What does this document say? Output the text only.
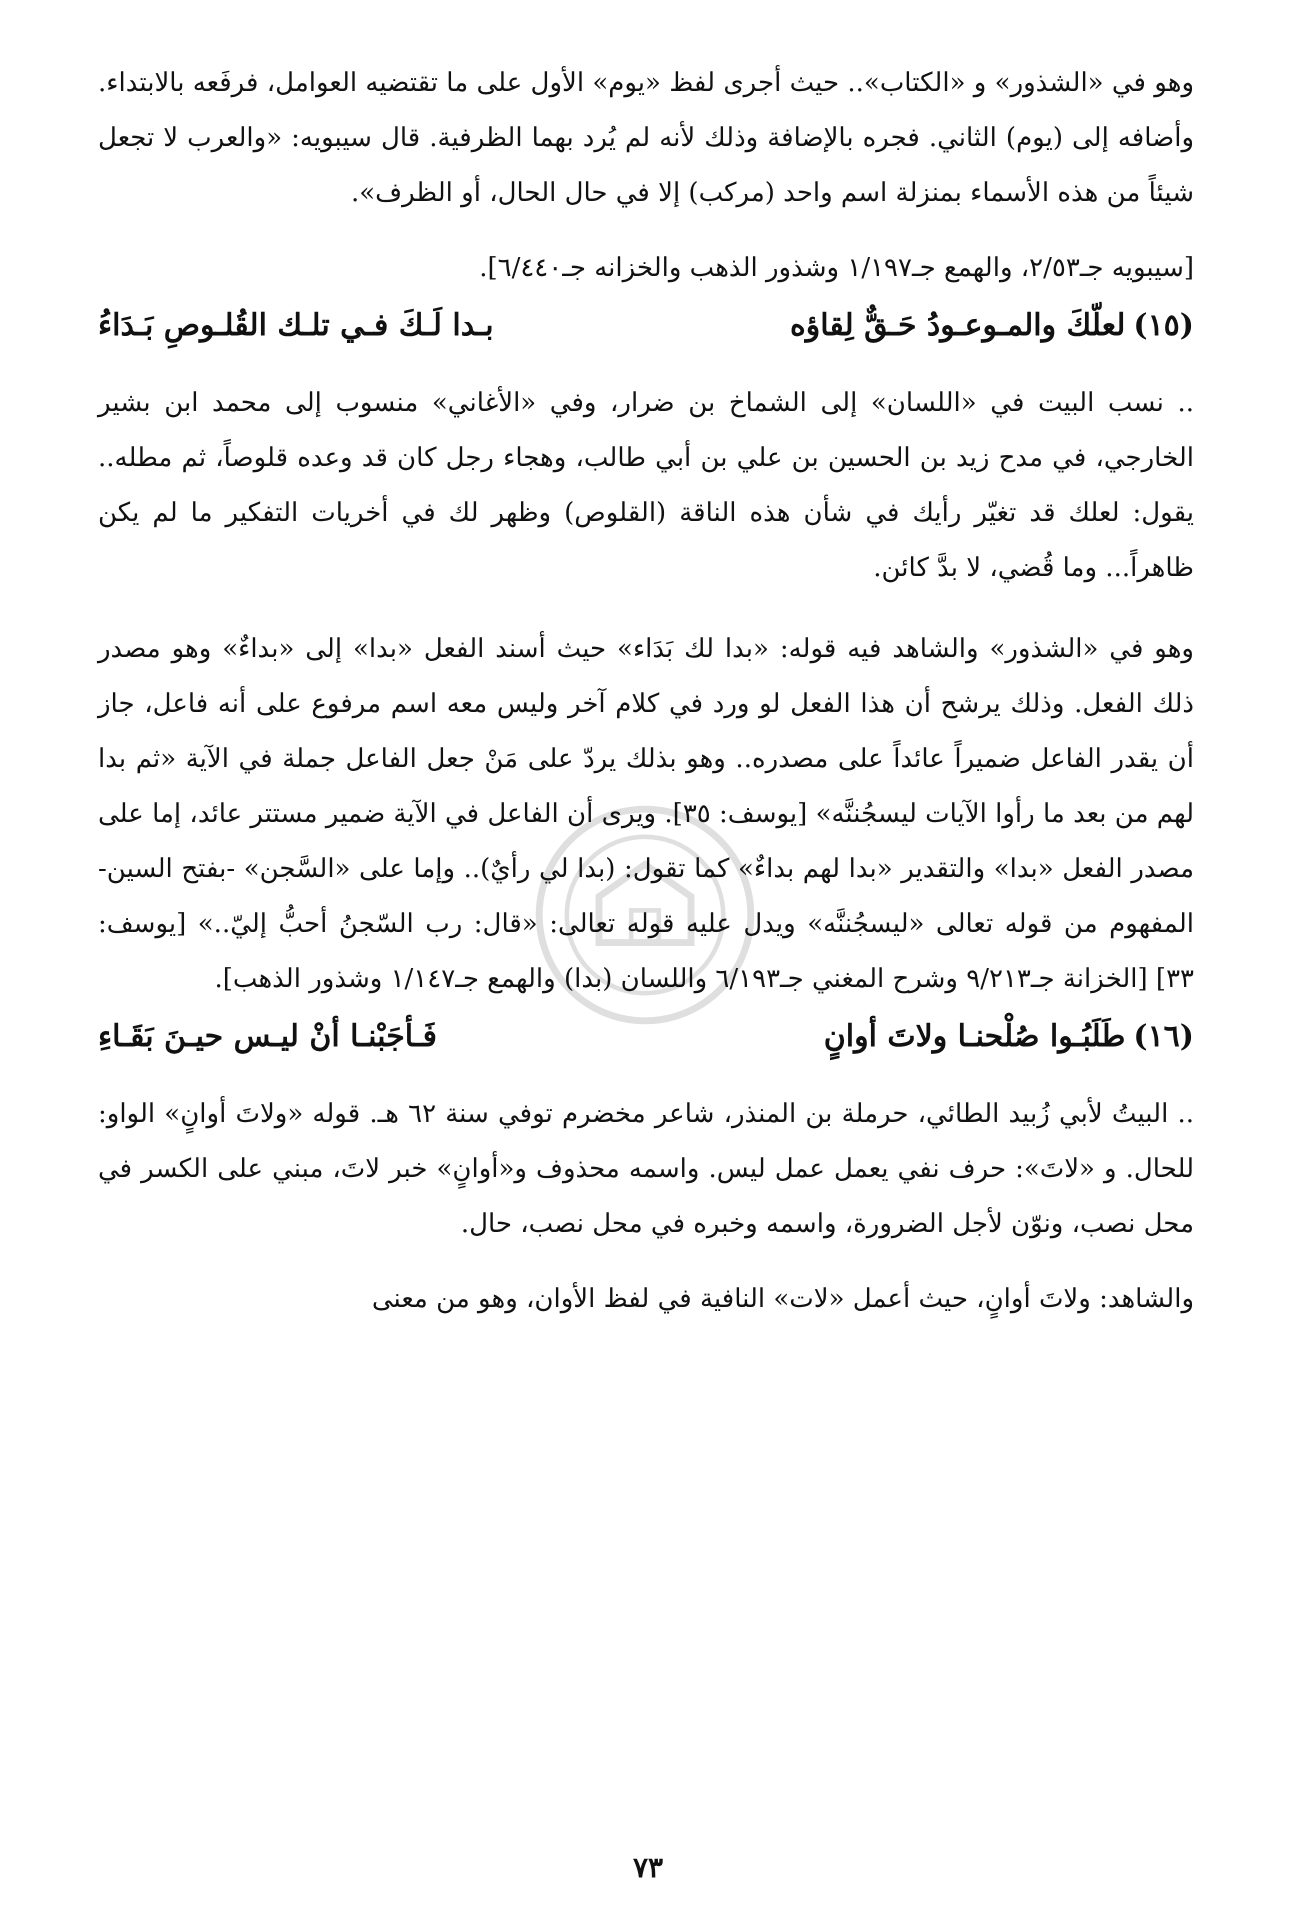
وهو في «الشذور» و «الكتاب».. حيث أجرى لفظ «يوم» الأول على ما تقتضيه العوامل، فرفَعه بالابتداء. وأضافه إلى (يوم) الثاني. فجره بالإضافة وذلك لأنه لم يُرد بهما الظرفية. قال سيبويه: «والعرب لا تجعل شيئاً من هذه الأسماء بمنزلة اسم واحد (مركب) إلا في حال الحال، أو الظرف».

[سيبويه جـ٢/٥٣، والهمع جـ١/١٩٧ وشذور الذهب والخزانه جـ٦/٤٤٠].

(١٥)
لعلّكَ والمـوعـودُ حَـقٌّ لِقاؤه
بـدا لَـكَ فـي تلـك القُلـوصِ بَـدَاءُ

.. نسب البيت في «اللسان» إلى الشماخ بن ضرار، وفي «الأغاني» منسوب إلى محمد ابن بشير الخارجي، في مدح زيد بن الحسين بن علي بن أبي طالب، وهجاء رجل كان قد وعده قلوصاً، ثم مطله.. يقول: لعلك قد تغيّر رأيك في شأن هذه الناقة (القلوص) وظهر لك في أخريات التفكير ما لم يكن ظاهراً... وما قُضي، لا بدَّ كائن.

وهو في «الشذور» والشاهد فيه قوله: «بدا لك بَدَاء» حيث أسند الفعل «بدا» إلى «بداءٌ» وهو مصدر ذلك الفعل. وذلك يرشح أن هذا الفعل لو ورد في كلام آخر وليس معه اسم مرفوع على أنه فاعل، جاز أن يقدر الفاعل ضميراً عائداً على مصدره.. وهو بذلك يردّ على مَنْ جعل الفاعل جملة في الآية «ثم بدا لهم من بعد ما رأوا الآيات ليسجُننَّه» [يوسف: ٣٥]. ويرى أن الفاعل في الآية ضمير مستتر عائد، إما على مصدر الفعل «بدا» والتقدير «بدا لهم بداءٌ» كما تقول: (بدا لي رأيٌ).. وإما على «السَّجن» -بفتح السين- المفهوم من قوله تعالى «ليسجُننَّه» ويدل عليه قوله تعالى: «قال: رب السّجنُ أحبُّ إليّ..» [يوسف: ٣٣] [الخزانة جـ٩/٢١٣ وشرح المغني جـ٦/١٩٣ واللسان (بدا) والهمع جـ١/١٤٧ وشذور الذهب].

(١٦)
طَلَبُـوا صُلْحنـا ولاتَ أوانٍ
فَـأجَبْنـا أنْ ليـس حيـنَ بَقَـاءِ

.. البيتُ لأبي زُبيد الطائي، حرملة بن المنذر، شاعر مخضرم توفي سنة ٦٢ هـ. قوله «ولاتَ أوانٍ» الواو: للحال. و «لاتَ»: حرف نفي يعمل عمل ليس. واسمه محذوف و«أوانٍ» خبر لاتَ، مبني على الكسر في محل نصب، ونوّن لأجل الضرورة، واسمه وخبره في محل نصب، حال.

والشاهد: ولاتَ أوانٍ، حيث أعمل «لات» النافية في لفظ الأوان، وهو من معنى

٧٣
